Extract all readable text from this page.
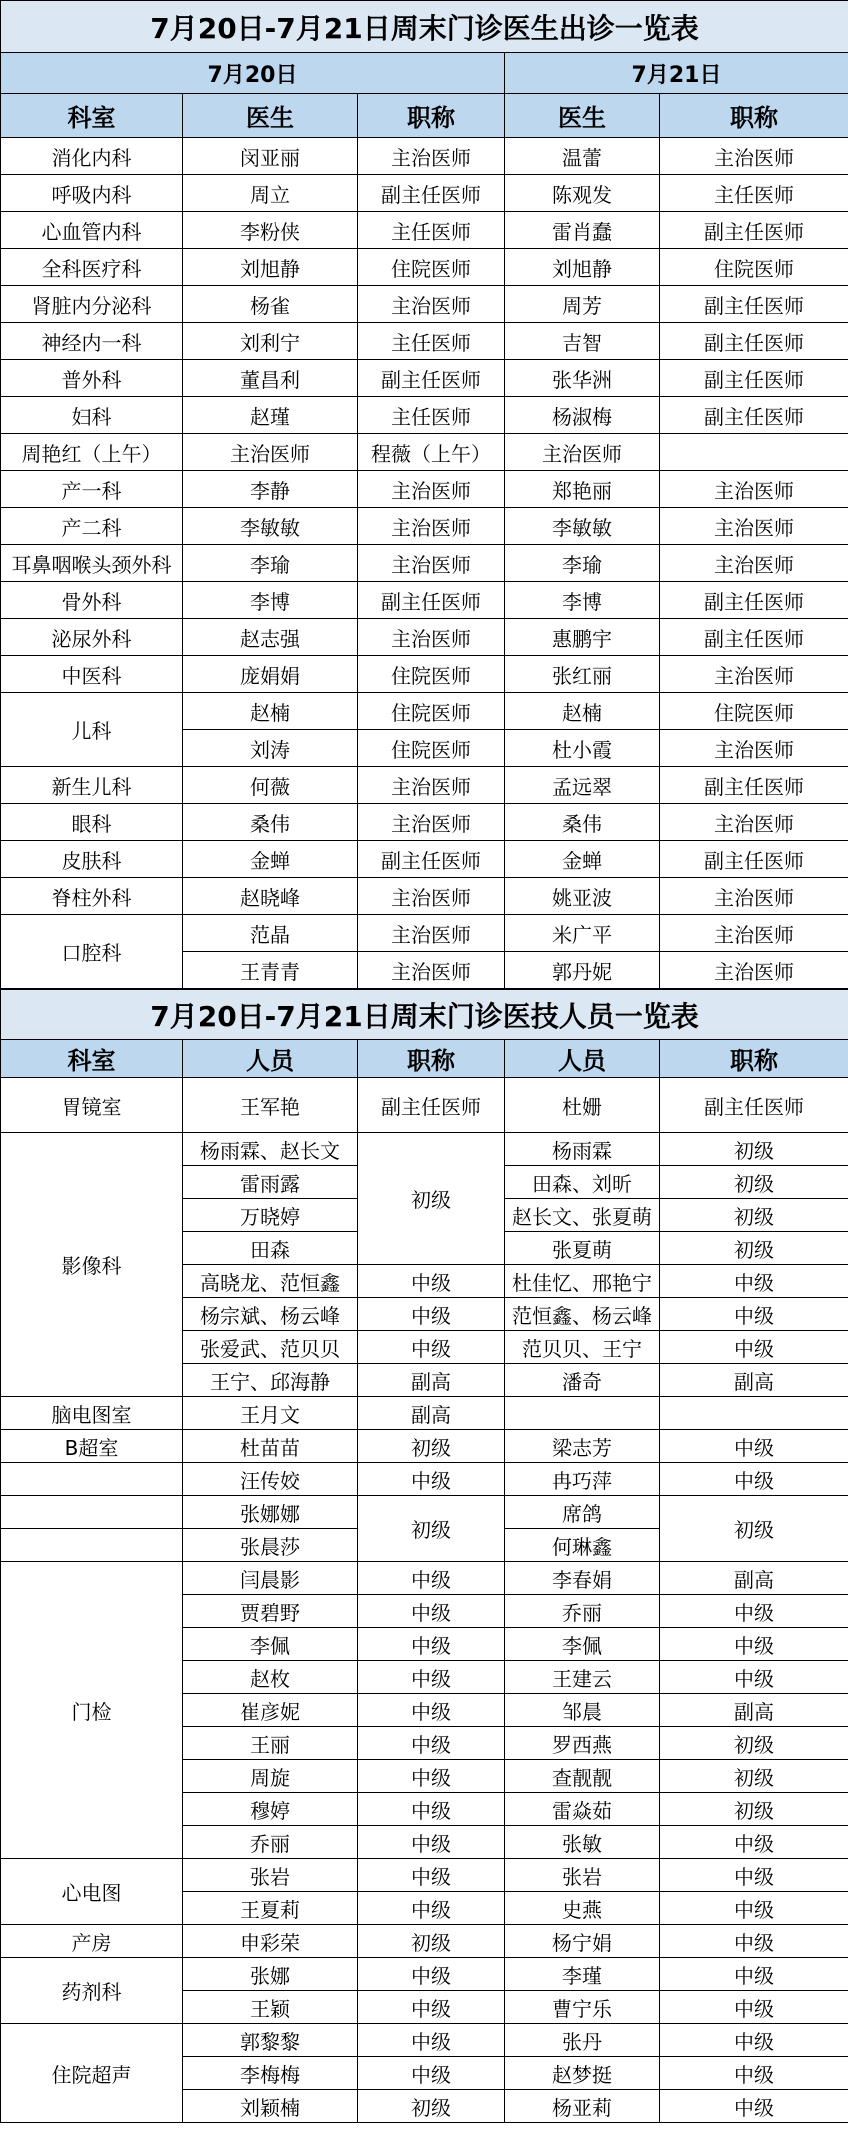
7月20日-7月21日周末门诊医生出诊一览表				
7月20日			7月21日	
科室	医生	职称	医生	职称
消化内科	闵亚丽	主治医师	温蕾	主治医师
呼吸内科	周立	副主任医师	陈观发	主任医师
心血管内科	李粉侠	主任医师	雷肖蠢	副主任医师
全科医疗科	刘旭静	住院医师	刘旭静	住院医师
肾脏内分泌科	杨雀	主治医师	周芳	副主任医师
神经内一科	刘利宁	主任医师	吉智	副主任医师
普外科	董昌利	副主任医师	张华洲	副主任医师
妇科	赵瑾	主任医师	杨淑梅	副主任医师
周艳红（上午）	主治医师	程薇（上午）	主治医师	
产一科	李静	主治医师	郑艳丽	主治医师
产二科	李敏敏	主治医师	李敏敏	主治医师
耳鼻咽喉头颈外科	李瑜	主治医师	李瑜	主治医师
骨外科	李博	副主任医师	李博	副主任医师
泌尿外科	赵志强	主治医师	惠鹏宇	副主任医师
中医科	庞娟娟	住院医师	张红丽	主治医师
儿科	赵楠	住院医师	赵楠	住院医师
	刘涛	住院医师	杜小霞	主治医师
新生儿科	何薇	主治医师	孟远翠	副主任医师
眼科	桑伟	主治医师	桑伟	主治医师
皮肤科	金蝉	副主任医师	金蝉	副主任医师
脊柱外科	赵晓峰	主治医师	姚亚波	主治医师
口腔科	范晶	主治医师	米广平	主治医师
	王青青	主治医师	郭丹妮	主治医师
7月20日-7月21日周末门诊医技人员一览表				
科室	人员	职称	人员	职称
胃镜室	王军艳	副主任医师	杜姗	副主任医师
影像科	杨雨霖、赵长文	初级	杨雨霖	初级
	雷雨露		田森、刘昕	初级
	万晓婷		赵长文、张夏萌	初级
	田森		张夏萌	初级
	高晓龙、范恒鑫	中级	杜佳忆、邢艳宁	中级
	杨宗斌、杨云峰	中级	范恒鑫、杨云峰	中级
	张爱武、范贝贝	中级	范贝贝、王宁	中级
	王宁、邱海静	副高	潘奇	副高
脑电图室	王月文	副高		
B超室	杜苗苗	初级	梁志芳	中级
	汪传姣	中级	冉巧萍	中级
	张娜娜	初级	席鸽	初级
	张晨莎		何琳鑫	
门检	闫晨影	中级	李春娟	副高
	贾碧野	中级	乔丽	中级
	李佩	中级	李佩	中级
	赵枚	中级	王建云	中级
	崔彦妮	中级	邹晨	副高
	王丽	中级	罗西燕	初级
	周旋	中级	查靓靓	初级
	穆婷	中级	雷焱茹	初级
	乔丽	中级	张敏	中级
心电图	张岩	中级	张岩	中级
	王夏莉	中级	史燕	中级
产房	申彩荣	初级	杨宁娟	中级
药剂科	张娜	中级	李瑾	中级
	王颖	中级	曹宁乐	中级
住院超声	郭黎黎	中级	张丹	中级
	李梅梅	中级	赵梦挺	中级
	刘颖楠	初级	杨亚莉	中级
